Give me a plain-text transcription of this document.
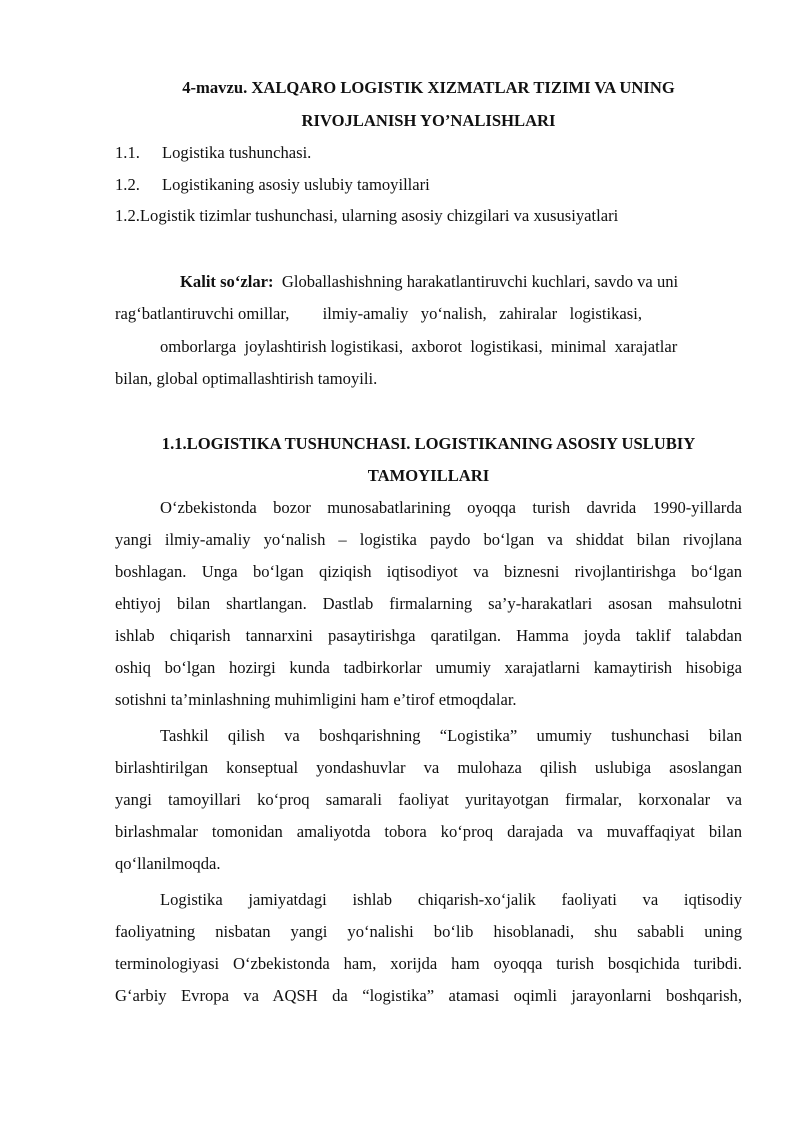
4-mavzu. XALQARO LOGISTIK XIZMATLAR TIZIMI VA UNING
RIVOJLANISH YO’NALISHLARI
1.1. Logistika tushunchasi.
1.2. Logistikaning asosiy uslubiy tamoyillari
1.2.Logistik tizimlar tushunchasi, ularning asosiy chizgilari va xususiyatlari
Kalit so‘zlar: Globallashishning harakatlantiruvchi kuchlari, savdo va uni
rag‘batlantiruvchi omillar,        ilmiy-amaliy   yo‘nalish,   zahiralar   logistikasi,
omborlarga  joylashtirish logistikasi,  axborot  logistikasi,  minimal  xarajatlar
bilan, global optimallashtirish tamoyili.
1.1.LOGISTIKA TUSHUNCHASI. LOGISTIKANING ASOSIY USLUBIY
TAMOYILLARI
O‘zbekistonda bozor munosabatlarining oyoqqa turish davrida 1990-yillarda
yangi ilmiy-amaliy yo‘nalish – logistika paydo bo‘lgan va shiddat bilan rivojlana
boshlagan. Unga bo‘lgan qiziqish iqtisodiyot va biznesni rivojlantirishga bo‘lgan
ehtiyoj bilan shartlangan. Dastlab firmalarning sa’y-harakatlari asosan mahsulotni
ishlab chiqarish tannarxini pasaytirishga qaratilgan. Hamma joyda taklif talabdan
oshiq bo‘lgan hozirgi kunda tadbirkorlar umumiy xarajatlarni kamaytirish hisobiga
sotishni ta’minlashning muhimligini ham e’tirof etmoqdalar.
Tashkil qilish va boshqarishning “Logistika” umumiy tushunchasi bilan
birlashtirilgan konseptual yondashuvlar va mulohaza qilish uslubiga asoslangan
yangi tamoyillari ko‘proq samarali faoliyat yuritayotgan firmalar, korxonalar va
birlashmalar tomonidan amaliyotda tobora ko‘proq darajada va muvaffaqiyat bilan
qo‘llanilmoqda.
Logistika jamiyatdagi ishlab chiqarish-xo‘jalik faoliyati va iqtisodiy
faoliyatning nisbatan yangi yo‘nalishi bo‘lib hisoblanadi, shu sababli uning
terminologiyasi O‘zbekistonda ham, xorijda ham oyoqqa turish bosqichida turibdi.
G‘arbiy Evropa va AQSH da “logistika” atamasi oqimli jarayonlarni boshqarish,
